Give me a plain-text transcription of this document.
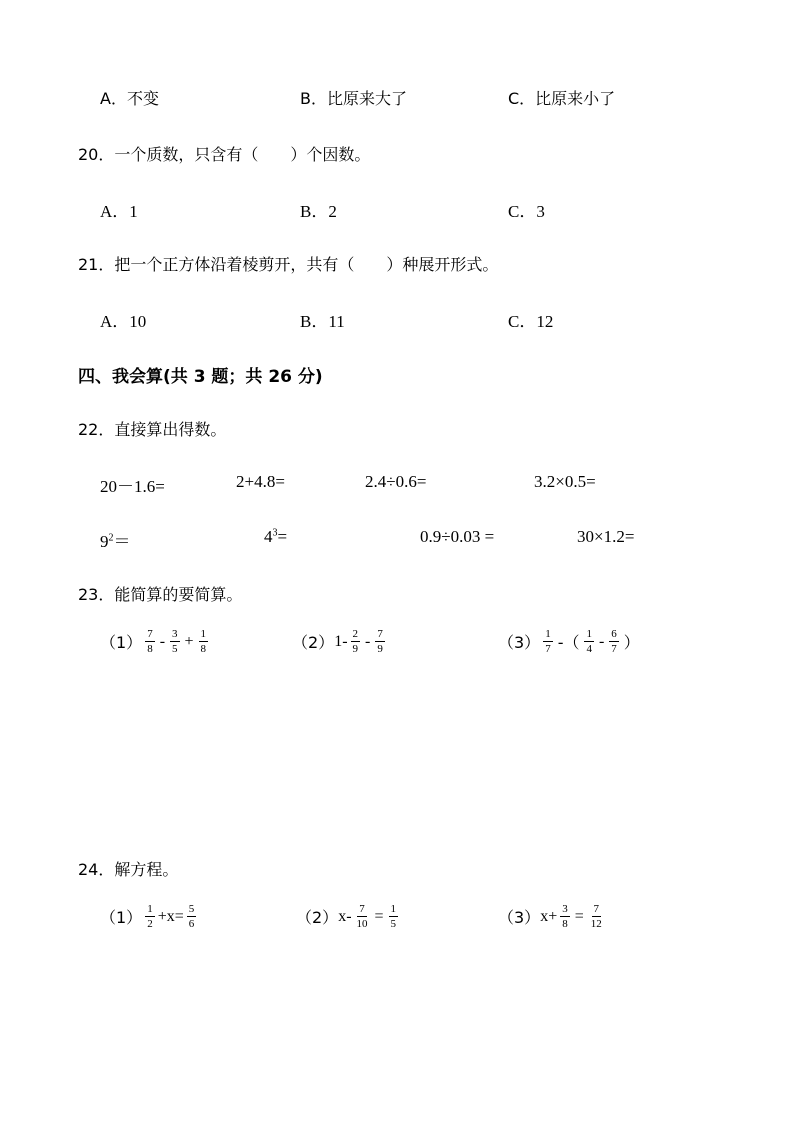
A．不变	B．比原来大了	C．比原来小了
20．一个质数，只含有（　　）个因数。
A．1	B．2	C．3
21．把一个正方体沿着棱剪开，共有（　　）种展开形式。
A．10	B．11	C．12
四、我会算(共 3 题；共 26 分)
22．直接算出得数。
20－1.6=	2+4.8=	2.4÷0.6=	3.2×0.5=
$9^2=$	$4^3=$	0.9÷0.03 =	30×1.2=
23．能简算的要简算。
$(1) \frac{7}{8} - \frac{3}{5} + \frac{1}{8}$	（2） $1- \frac{2}{9} - \frac{7}{9}$	$(3) \frac{1}{7}$ -（ $\frac{1}{4} - \frac{6}{7}$ ）
24．解方程。
$(1) \frac{1}{2} +x= \frac{5}{6}$	（2） $x- \frac{7}{10} = \frac{1}{5}$	（3） $x+ \frac{3}{8} = \frac{7}{12}$
